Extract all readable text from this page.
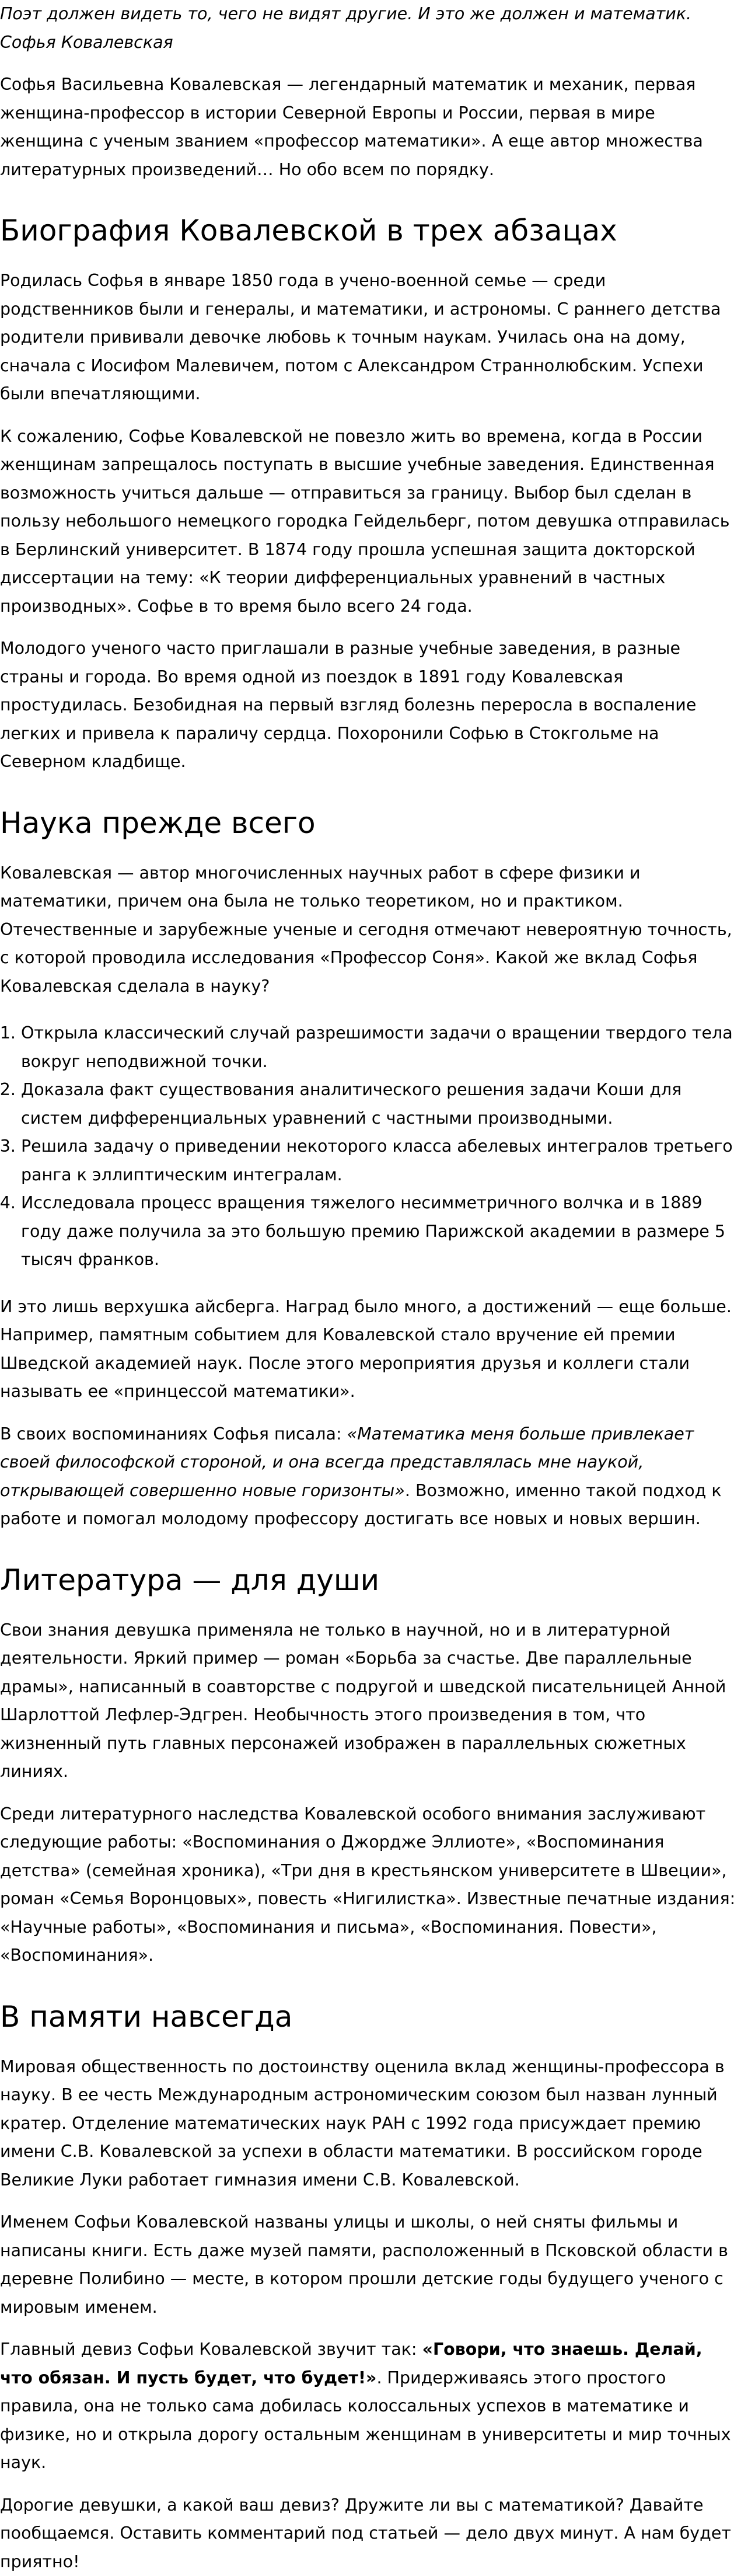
Поэт должен видеть то, чего не видят другие. И это же должен и математик. Софья Ковалевская

Софья Васильевна Ковалевская — легендарный математик и механик, первая женщина-профессор в истории Северной Европы и России, первая в мире женщина с ученым званием «профессор математики». А еще автор множества литературных произведений… Но обо всем по порядку.

Биография Ковалевской в трех абзацах

Родилась Софья в январе 1850 года в учено-военной семье — среди родственников были и генералы, и математики, и астрономы. С раннего детства родители прививали девочке любовь к точным наукам. Училась она на дому, сначала с Иосифом Малевичем, потом с Александром Страннолюбским. Успехи были впечатляющими.

К сожалению, Софье Ковалевской не повезло жить во времена, когда в России женщинам запрещалось поступать в высшие учебные заведения. Единственная возможность учиться дальше — отправиться за границу. Выбор был сделан в пользу небольшого немецкого городка Гейдельберг, потом девушка отправилась в Берлинский университет. В 1874 году прошла успешная защита докторской диссертации на тему: «К теории дифференциальных уравнений в частных производных». Софье в то время было всего 24 года.

Молодого ученого часто приглашали в разные учебные заведения, в разные страны и города. Во время одной из поездок в 1891 году Ковалевская простудилась. Безобидная на первый взгляд болезнь переросла в воспаление легких и привела к параличу сердца. Похоронили Софью в Стокгольме на Северном кладбище.

Наука прежде всего

Ковалевская — автор многочисленных научных работ в сфере физики и математики, причем она была не только теоретиком, но и практиком. Отечественные и зарубежные ученые и сегодня отмечают невероятную точность, с которой проводила исследования «Профессор Соня». Какой же вклад Софья Ковалевская сделала в науку?

1. Открыла классический случай разрешимости задачи о вращении твердого тела вокруг неподвижной точки.
2. Доказала факт существования аналитического решения задачи Коши для систем дифференциальных уравнений с частными производными.
3. Решила задачу о приведении некоторого класса абелевых интегралов третьего ранга к эллиптическим интегралам.
4. Исследовала процесс вращения тяжелого несимметричного волчка и в 1889 году даже получила за это большую премию Парижской академии в размере 5 тысяч франков.

И это лишь верхушка айсберга. Наград было много, а достижений — еще больше. Например, памятным событием для Ковалевской стало вручение ей премии Шведской академией наук. После этого мероприятия друзья и коллеги стали называть ее «принцессой математики».

В своих воспоминаниях Софья писала: «Математика меня больше привлекает своей философской стороной, и она всегда представлялась мне наукой, открывающей совершенно новые горизонты». Возможно, именно такой подход к работе и помогал молодому профессору достигать все новых и новых вершин.

Литература — для души

Свои знания девушка применяла не только в научной, но и в литературной деятельности. Яркий пример — роман «Борьба за счастье. Две параллельные драмы», написанный в соавторстве с подругой и шведской писательницей Анной Шарлоттой Лефлер-Эдгрен. Необычность этого произведения в том, что жизненный путь главных персонажей изображен в параллельных сюжетных линиях.

Среди литературного наследства Ковалевской особого внимания заслуживают следующие работы: «Воспоминания о Джордже Эллиоте», «Воспоминания детства» (семейная хроника), «Три дня в крестьянском университете в Швеции», роман «Семья Воронцовых», повесть «Нигилистка». Известные печатные издания: «Научные работы», «Воспоминания и письма», «Воспоминания. Повести», «Воспоминания».

В памяти навсегда

Мировая общественность по достоинству оценила вклад женщины-профессора в науку. В ее честь Международным астрономическим союзом был назван лунный кратер. Отделение математических наук РАН с 1992 года присуждает премию имени С.В. Ковалевской за успехи в области математики. В российском городе Великие Луки работает гимназия имени С.В. Ковалевской.

Именем Софьи Ковалевской названы улицы и школы, о ней сняты фильмы и написаны книги. Есть даже музей памяти, расположенный в Псковской области в деревне Полибино — месте, в котором прошли детские годы будущего ученого с мировым именем.

Главный девиз Софьи Ковалевской звучит так: «Говори, что знаешь. Делай, что обязан. И пусть будет, что будет!». Придерживаясь этого простого правила, она не только сама добилась колоссальных успехов в математике и физике, но и открыла дорогу остальным женщинам в университеты и мир точных наук.

Дорогие девушки, а какой ваш девиз? Дружите ли вы с математикой? Давайте пообщаемся. Оставить комментарий под статьей — дело двух минут. А нам будет приятно!
